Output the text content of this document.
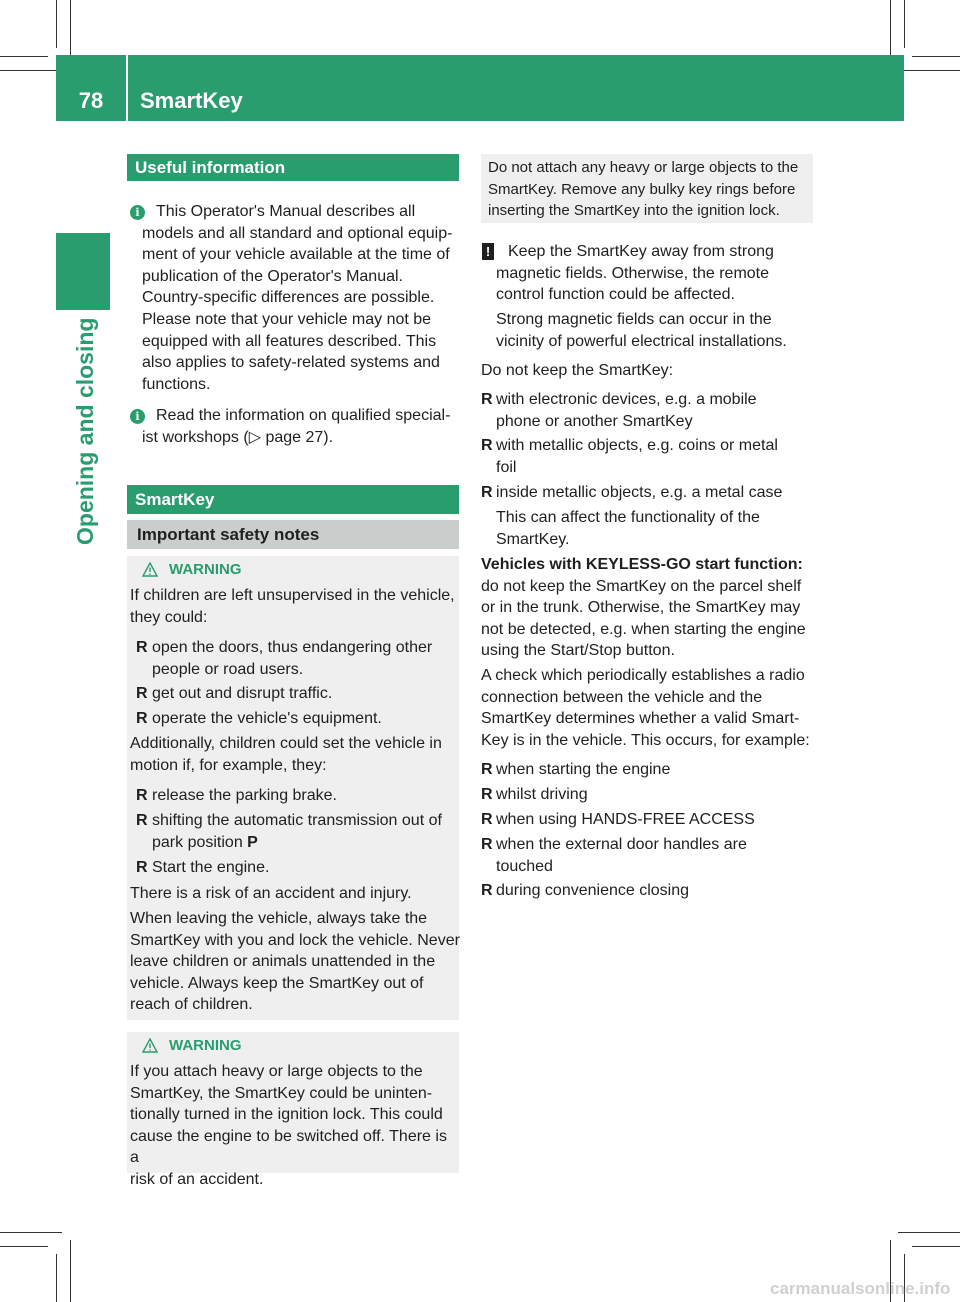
78	SmartKey
Opening and closing
Useful information
i	This Operator's Manual describes all
models and all standard and optional equip-
ment of your vehicle available at the time of
publication of the Operator's Manual.
Country-specific differences are possible.
Please note that your vehicle may not be
equipped with all features described. This
also applies to safety-related systems and
functions.
i	Read the information on qualified special-
ist workshops (▷ page 27).
SmartKey
Important safety notes
WARNING
If children are left unsupervised in the vehicle,
they could:
R open the doors, thus endangering other
people or road users.
R get out and disrupt traffic.
R operate the vehicle's equipment.
Additionally, children could set the vehicle in
motion if, for example, they:
R release the parking brake.
R shifting the automatic transmission out of
park position P
R Start the engine.
There is a risk of an accident and injury.
When leaving the vehicle, always take the
SmartKey with you and lock the vehicle. Never
leave children or animals unattended in the
vehicle. Always keep the SmartKey out of
reach of children.
WARNING
If you attach heavy or large objects to the
SmartKey, the SmartKey could be uninten-
tionally turned in the ignition lock. This could
cause the engine to be switched off. There is a
risk of an accident.
Do not attach any heavy or large objects to the
SmartKey. Remove any bulky key rings before
inserting the SmartKey into the ignition lock.
! Keep the SmartKey away from strong
magnetic fields. Otherwise, the remote
control function could be affected.
Strong magnetic fields can occur in the
vicinity of powerful electrical installations.
Do not keep the SmartKey:
R with electronic devices, e.g. a mobile
phone or another SmartKey
R with metallic objects, e.g. coins or metal
foil
R inside metallic objects, e.g. a metal case
This can affect the functionality of the
SmartKey.
Vehicles with KEYLESS-GO start function:
do not keep the SmartKey on the parcel shelf
or in the trunk. Otherwise, the SmartKey may
not be detected, e.g. when starting the engine
using the Start/Stop button.
A check which periodically establishes a radio
connection between the vehicle and the
SmartKey determines whether a valid Smart-
Key is in the vehicle. This occurs, for example:
R when starting the engine
R whilst driving
R when using HANDS-FREE ACCESS
R when the external door handles are
touched
R during convenience closing
carmanualsonline.info
